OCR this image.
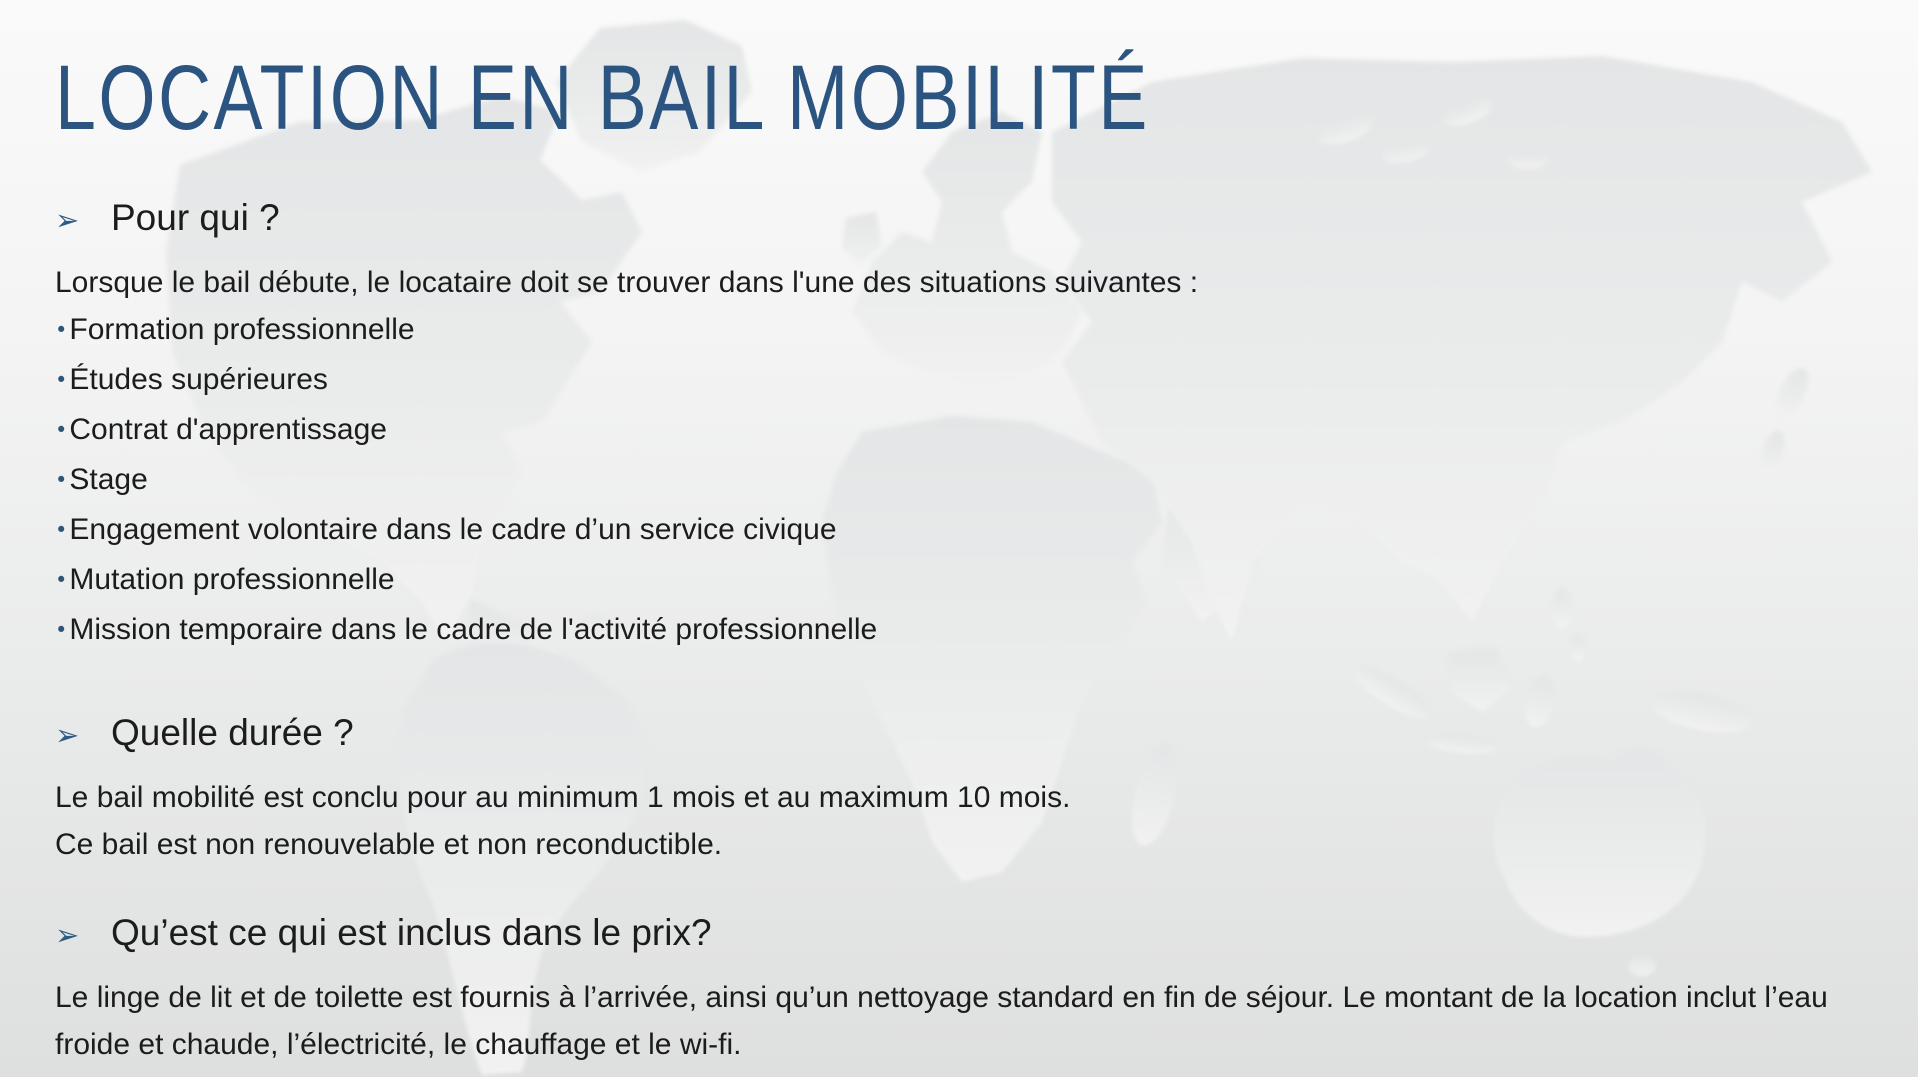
LOCATION EN BAIL MOBILITÉ
➢ Pour qui ?

Lorsque le bail débute, le locataire doit se trouver dans l'une des situations suivantes :

• Formation professionnelle
• Études supérieures
• Contrat d'apprentissage
• Stage
• Engagement volontaire dans le cadre d’un service civique
• Mutation professionnelle
• Mission temporaire dans le cadre de l'activité professionnelle
➢ Quelle durée ?

Le bail mobilité est conclu pour au minimum 1 mois et au maximum 10 mois.

Ce bail est non renouvelable et non reconductible.

➢ Qu’est ce qui est inclus dans le prix?

Le linge de lit et de toilette est fournis à l’arrivée, ainsi qu’un nettoyage standard en fin de séjour. Le montant de la location inclut l’eau froide et chaude, l’électricité, le chauffage et le wi-fi.
